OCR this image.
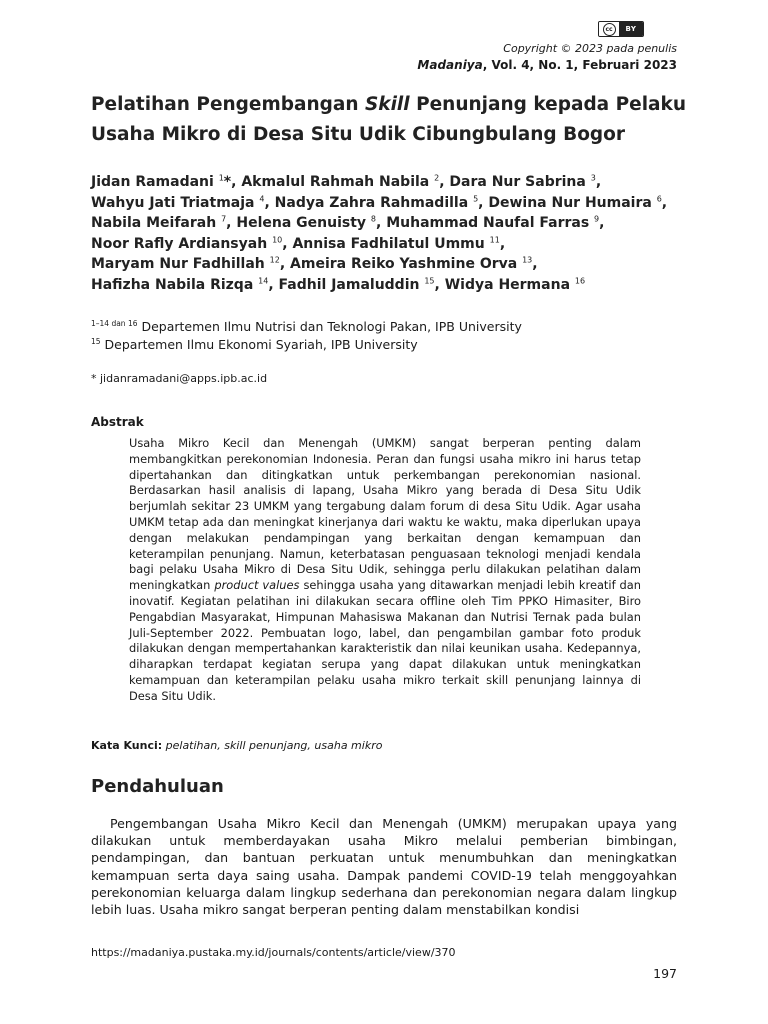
cc	BY
Copyright © 2023 pada penulis
Madaniya, Vol. 4, No. 1, Februari 2023
Pelatihan Pengembangan Skill Penunjang kepada Pelaku Usaha Mikro di Desa Situ Udik Cibungbulang Bogor
Jidan Ramadani $^1$*, Akmalul Rahmah Nabila $^2$, Dara Nur Sabrina $^3$,
Wahyu Jati Triatmaja $^4$, Nadya Zahra Rahmadilla $^5$, Dewina Nur Humaira $^6$,
Nabila Meifarah $^7$, Helena Genuisty $^8$, Muhammad Naufal Farras $^9$,
Noor Rafly Ardiansyah $^{10}$, Annisa Fadhilatul Ummu $^{11}$,
Maryam Nur Fadhillah $^{12}$, Ameira Reiko Yashmine Orva $^{13}$,
Hafizha Nabila Rizqa $^{14}$, Fadhil Jamaluddin $^{15}$, Widya Hermana $^{16}$
$^{1-14 dan 16}$ Departemen Ilmu Nutrisi dan Teknologi Pakan, IPB University
$^{15}$ Departemen Ilmu Ekonomi Syariah, IPB University
* jidanramadani@apps.ipb.ac.id
Abstrak
Usaha Mikro Kecil dan Menengah (UMKM) sangat berperan penting dalam membangkitkan perekonomian Indonesia. Peran dan fungsi usaha mikro ini harus tetap dipertahankan dan ditingkatkan untuk perkembangan perekonomian nasional. Berdasarkan hasil analisis di lapang, Usaha Mikro yang berada di Desa Situ Udik berjumlah sekitar 23 UMKM yang tergabung dalam forum di desa Situ Udik. Agar usaha UMKM tetap ada dan meningkat kinerjanya dari waktu ke waktu, maka diperlukan upaya dengan melakukan pendampingan yang berkaitan dengan kemampuan dan keterampilan penunjang. Namun, keterbatasan penguasaan teknologi menjadi kendala bagi pelaku Usaha Mikro di Desa Situ Udik, sehingga perlu dilakukan pelatihan dalam meningkatkan product values sehingga usaha yang ditawarkan menjadi lebih kreatif dan inovatif. Kegiatan pelatihan ini dilakukan secara offline oleh Tim PPKO Himasiter, Biro Pengabdian Masyarakat, Himpunan Mahasiswa Makanan dan Nutrisi Ternak pada bulan Juli-September 2022. Pembuatan logo, label, dan pengambilan gambar foto produk dilakukan dengan mempertahankan karakteristik dan nilai keunikan usaha. Kedepannya, diharapkan terdapat kegiatan serupa yang dapat dilakukan untuk meningkatkan kemampuan dan keterampilan pelaku usaha mikro terkait skill penunjang lainnya di Desa Situ Udik.
Kata Kunci: pelatihan, skill penunjang, usaha mikro
Pendahuluan
Pengembangan Usaha Mikro Kecil dan Menengah (UMKM) merupakan upaya yang dilakukan untuk memberdayakan usaha Mikro melalui pemberian bimbingan, pendampingan, dan bantuan perkuatan untuk menumbuhkan dan meningkatkan kemampuan serta daya saing usaha. Dampak pandemi COVID-19 telah menggoyahkan perekonomian keluarga dalam lingkup sederhana dan perekonomian negara dalam lingkup lebih luas. Usaha mikro sangat berperan penting dalam menstabilkan kondisi
https://madaniya.pustaka.my.id/journals/contents/article/view/370
197
